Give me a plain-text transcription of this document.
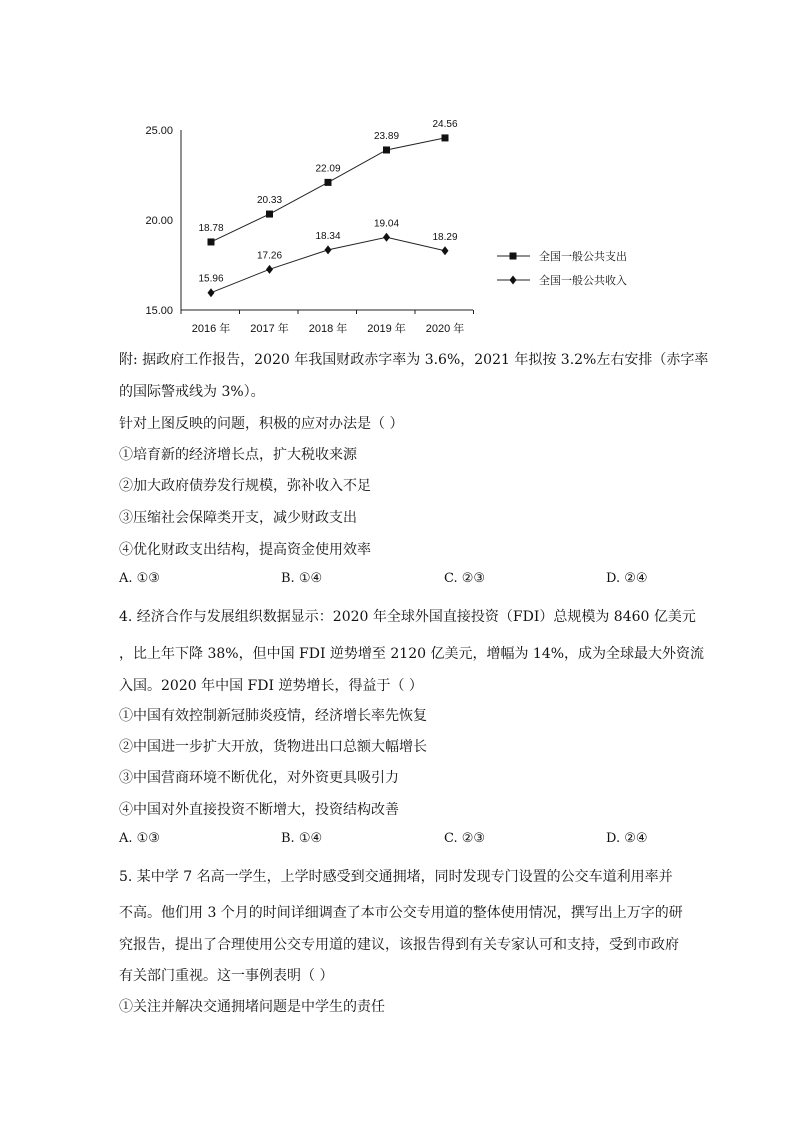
15.00
20.00
25.00
2016 年 2017 年 2018 年 2019 年 2020 年
18.78
20.33
22.09
23.89
24.56
15.96
17.26
18.34
19.04
18.29
全国一般公共支出
全国一般公共收入
附: 据政府工作报告，2020 年我国财政赤字率为 3.6%，2021 年拟按 3.2%左右安排（赤字率
的国际警戒线为 3%）。
针对上图反映的问题，积极的应对办法是（ ）
①培育新的经济增长点，扩大税收来源
②加大政府债券发行规模，弥补收入不足
③压缩社会保障类开支，减少财政支出
④优化财政支出结构，提高资金使用效率
A. ①③	B. ①④	C. ②③	D. ②④
4. 经济合作与发展组织数据显示：2020 年全球外国直接投资（FDI）总规模为 8460 亿美元
，比上年下降 38%，但中国 FDI 逆势增至 2120 亿美元，增幅为 14%，成为全球最大外资流
入国。2020 年中国 FDI 逆势增长，得益于（ ）
①中国有效控制新冠肺炎疫情，经济增长率先恢复
②中国进一步扩大开放，货物进出口总额大幅增长
③中国营商环境不断优化，对外资更具吸引力
④中国对外直接投资不断增大，投资结构改善
A. ①③	B. ①④	C. ②③	D. ②④
5. 某中学 7 名高一学生，上学时感受到交通拥堵，同时发现专门设置的公交车道利用率并
不高。他们用 3 个月的时间详细调查了本市公交专用道的整体使用情况，撰写出上万字的研
究报告，提出了合理使用公交专用道的建议，该报告得到有关专家认可和支持，受到市政府
有关部门重视。这一事例表明（ ）
①关注并解决交通拥堵问题是中学生的责任
